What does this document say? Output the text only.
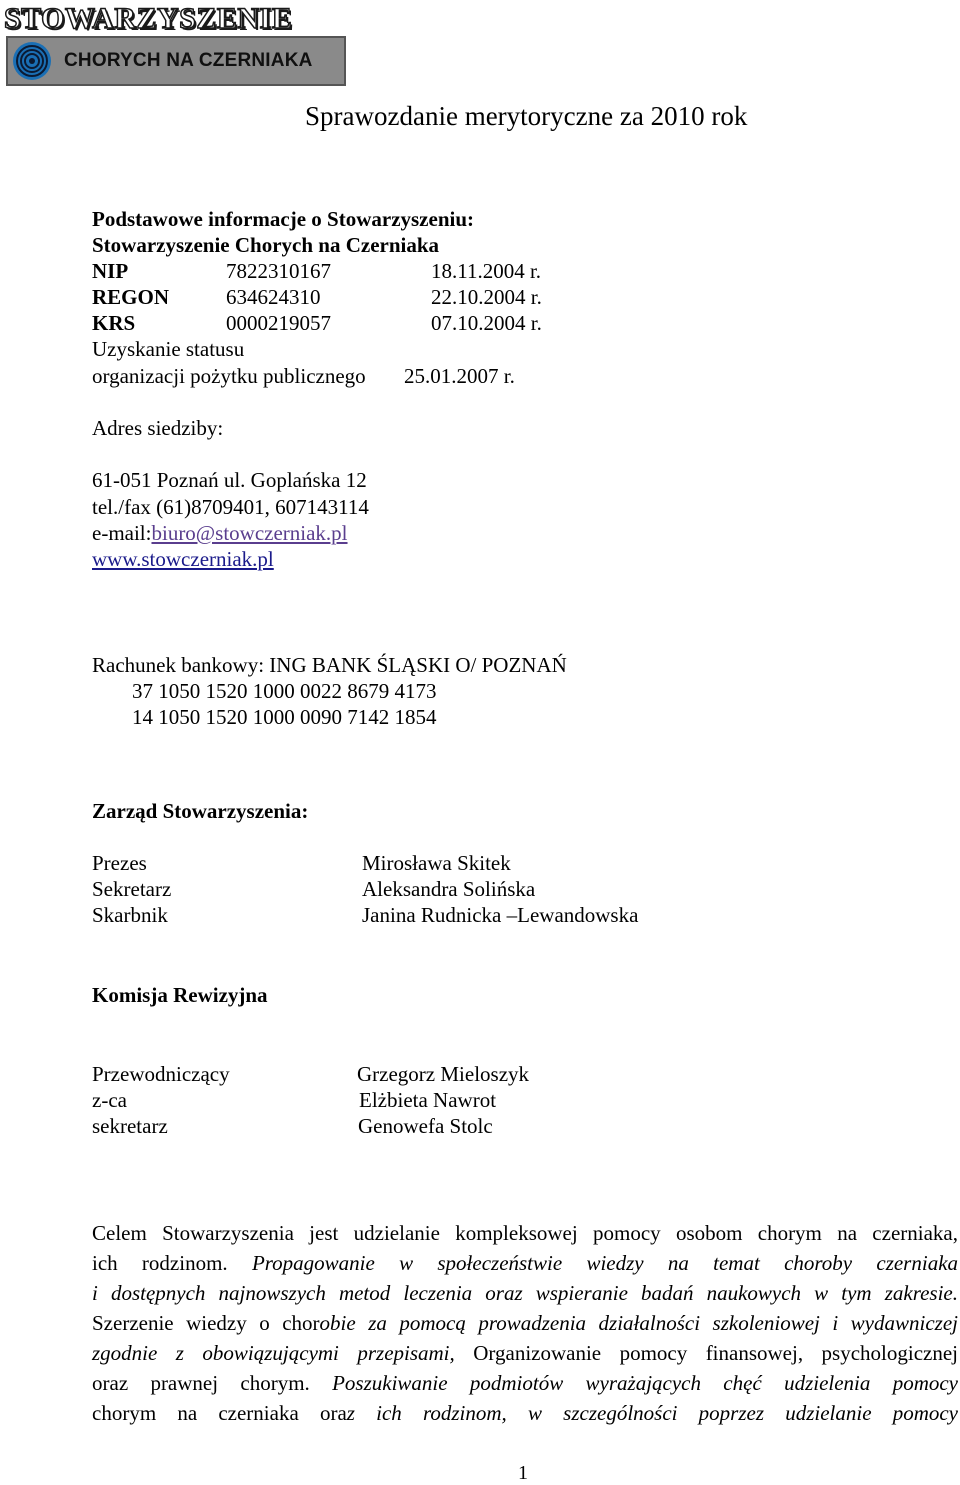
STOWARZYSZENIE
CHORYCH NA CZERNIAKA
Sprawozdanie merytoryczne za 2010 rok
Podstawowe informacje o Stowarzyszeniu:
Stowarzyszenie Chorych na Czerniaka
NIP	7822310167	18.11.2004 r.
REGON	634624310	22.10.2004 r.
KRS	0000219057	07.10.2004 r.
Uzyskanie statusu
organizacji pożytku publicznego 25.01.2007 r.
Adres siedziby:
61-051 Poznań ul. Goplańska 12
tel./fax (61)8709401, 607143114
e-mail:biuro@stowczerniak.pl
www.stowczerniak.pl
Rachunek bankowy: ING BANK ŚLĄSKI O/ POZNAŃ
37 1050 1520 1000 0022 8679 4173
14 1050 1520 1000 0090 7142 1854
Zarząd Stowarzyszenia:
Prezes	Mirosława Skitek
Sekretarz	Aleksandra Solińska
Skarbnik	Janina Rudnicka –Lewandowska
Komisja Rewizyjna
Przewodniczący	Grzegorz Mieloszyk
z-ca	Elżbieta Nawrot
sekretarz	Genowefa Stolc
Celem Stowarzyszenia jest udzielanie kompleksowej pomocy osobom chorym na czerniaka,
ich rodzinom. Propagowanie w społeczeństwie wiedzy na temat choroby czerniaka
i dostępnych najnowszych metod leczenia oraz wspieranie badań naukowych w tym zakresie.
Szerzenie wiedzy o chorobie za pomocą prowadzenia działalności szkoleniowej i wydawniczej
zgodnie z obowiązującymi przepisami, Organizowanie pomocy finansowej, psychologicznej
oraz prawnej chorym. Poszukiwanie podmiotów wyrażających chęć udzielenia pomocy
chorym na czerniaka oraz ich rodzinom, w szczególności poprzez udzielanie pomocy
1
